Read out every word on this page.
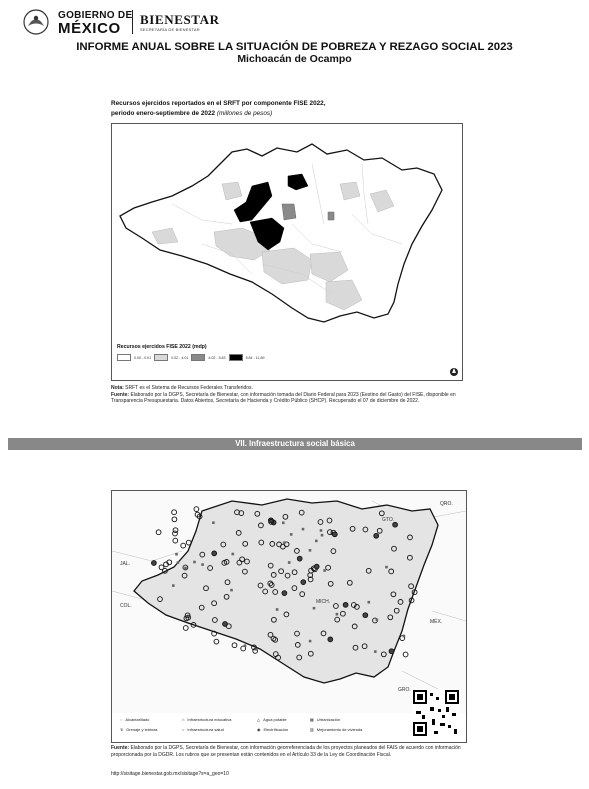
GOBIERNO DE
MÉXICO
BIENESTAR
SECRETARÍA DE BIENESTAR
INFORME ANUAL SOBRE LA SITUACIÓN DE POBREZA Y REZAGO SOCIAL 2023
Michoacán de Ocampo
Recursos ejercidos reportados en el SRFT por componente FISE 2022,
periodo enero-septiembre de 2022 (millones de pesos)
Recursos ejercidos FISE 2022 (mdp)
0.00 - 0.01	0.02 - 4.01	4.02 - 5.83	5.84 - 11.89
Nota: SRFT es el Sistema de Recursos Federales Transferidos.
Fuente: Elaborado por la DGPS, Secretaría de Bienestar, con información tomada del Diario Federal para 2023 (Eestino del Gasto) del FISE, disponible en Transparencia Presupuestaria. Datos Abiertos, Secretaría de Hacienda y Crédito Público (SHCP). Recuperado el 07 de diciembre de 2022.
VII. Infraestructura social básica
GTO.
QRO.
JAL.
COL.
MÉX.
GRO.
MICH.
◌ Alcantarillado	⌂ Infraestructura educativa	△ Agua potable	▦ Urbanización
↯ Drenaje y letrinas	○ Infraestructura salud	◉ Electrificación	▥ Mejoramiento de vivienda
Fuente: Elaborado por la DGPS, Secretaría de Bienestar, con información georreferenciada de los proyectos planeados del FAIS de acuerdo con información proporcionada por la DGDR. Los rubros que se presentan están contenidos en el Artículo 33 de la Ley de Coordinación Fiscal.
http://sisitage.bienestar.gob.mx/sisitage?s=a_geo=10
